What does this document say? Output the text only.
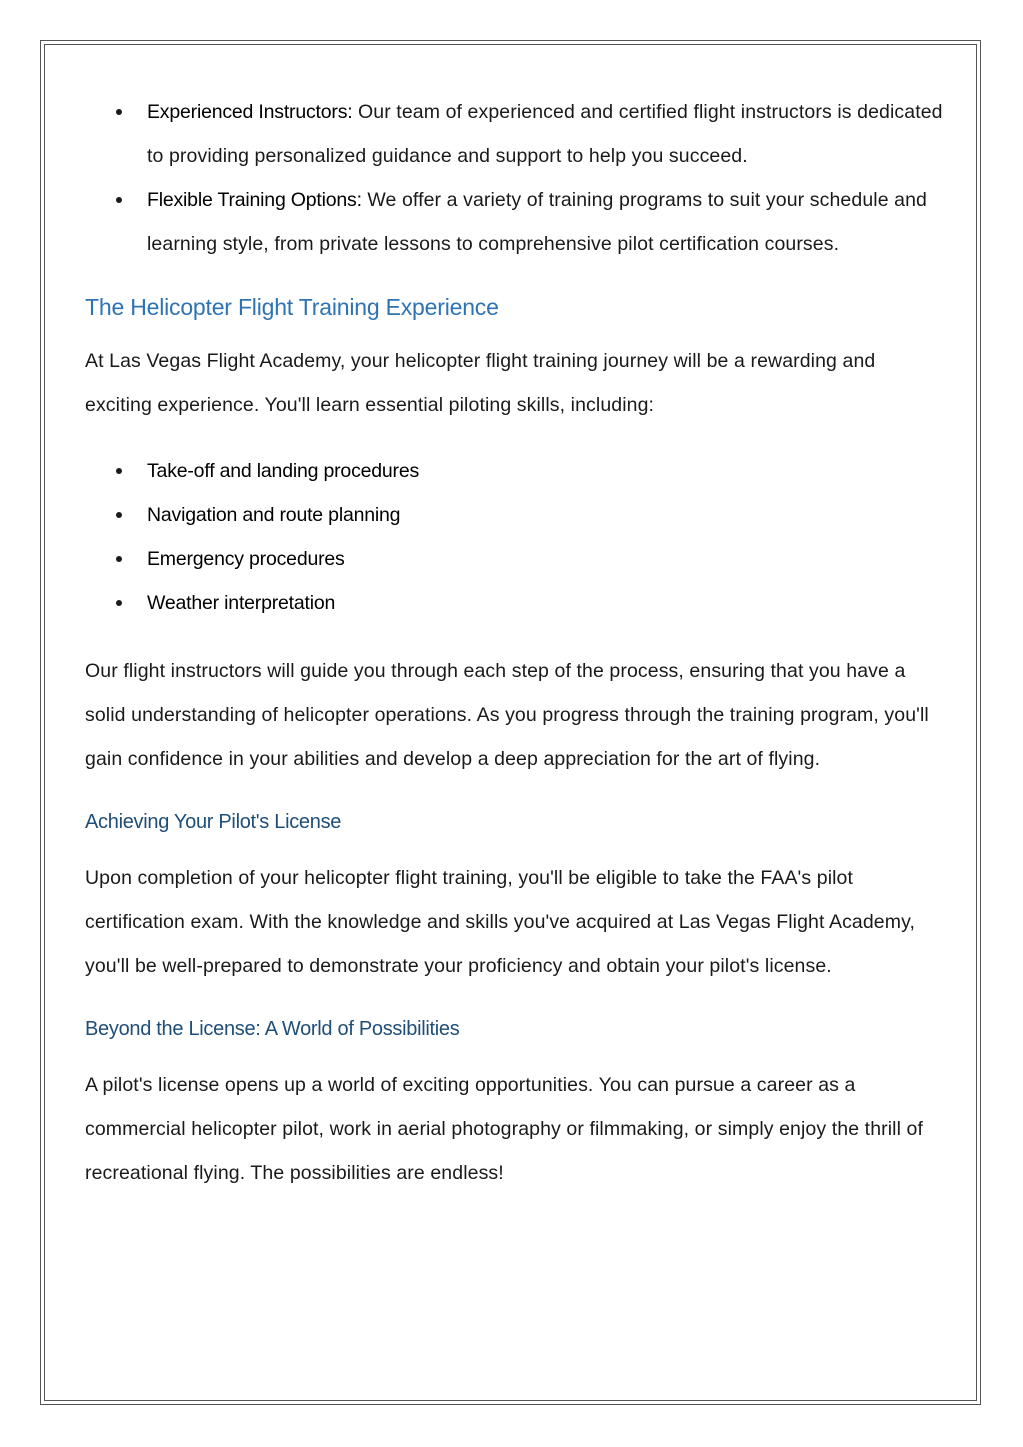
Experienced Instructors: Our team of experienced and certified flight instructors is dedicated to providing personalized guidance and support to help you succeed.
Flexible Training Options: We offer a variety of training programs to suit your schedule and learning style, from private lessons to comprehensive pilot certification courses.
The Helicopter Flight Training Experience

At Las Vegas Flight Academy, your helicopter flight training journey will be a rewarding and exciting experience. You'll learn essential piloting skills, including:

Take-off and landing procedures
Navigation and route planning
Emergency procedures
Weather interpretation

Our flight instructors will guide you through each step of the process, ensuring that you have a solid understanding of helicopter operations. As you progress through the training program, you'll gain confidence in your abilities and develop a deep appreciation for the art of flying.

Achieving Your Pilot's License

Upon completion of your helicopter flight training, you'll be eligible to take the FAA's pilot certification exam. With the knowledge and skills you've acquired at Las Vegas Flight Academy, you'll be well-prepared to demonstrate your proficiency and obtain your pilot's license.

Beyond the License: A World of Possibilities

A pilot's license opens up a world of exciting opportunities. You can pursue a career as a commercial helicopter pilot, work in aerial photography or filmmaking, or simply enjoy the thrill of recreational flying. The possibilities are endless!
